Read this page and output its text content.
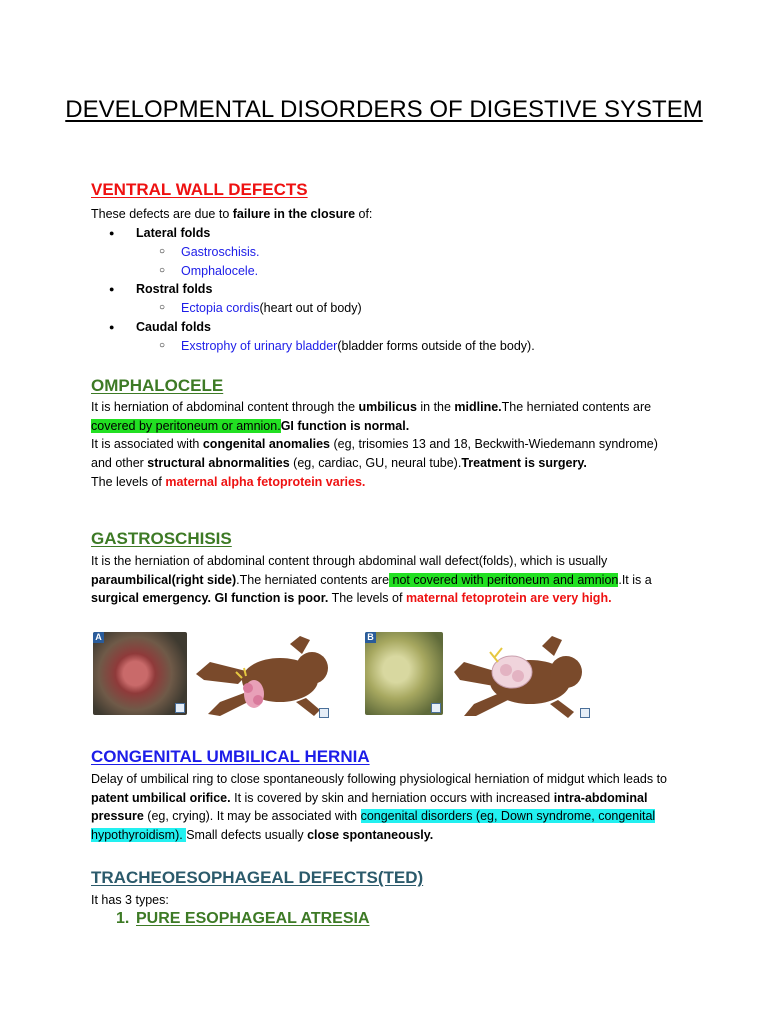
DEVELOPMENTAL DISORDERS OF DIGESTIVE SYSTEM
VENTRAL WALL DEFECTS
These defects are due to failure in the closure of:
● Lateral folds
○ Gastroschisis.
○ Omphalocele.
● Rostral folds
○ Ectopia cordis(heart out of body)
● Caudal folds
○ Exstrophy of urinary bladder(bladder forms outside of the body).
OMPHALOCELE

It is herniation of abdominal content through the umbilicus in the midline.The herniated contents are covered by peritoneum or amnion.GI function is normal.
It is associated with congenital anomalies (eg, trisomies 13 and 18, Beckwith-Wiedemann syndrome) and other structural abnormalities (eg, cardiac, GU, neural tube).Treatment is surgery.
The levels of maternal alpha fetoprotein varies.

GASTROSCHISIS

It is the herniation of abdominal content through abdominal wall defect(folds), which is usually paraumbilical(right side).The herniated contents are not covered with peritoneum and amnion.It is a surgical emergency. GI function is poor. The levels of maternal fetoprotein are very high.

A	B
CONGENITAL UMBILICAL HERNIA

Delay of umbilical ring to close spontaneously following physiological herniation of midgut which leads to patent umbilical orifice. It is covered by skin and herniation occurs with increased intra-abdominal pressure (eg, crying). It may be associated with congenital disorders (eg, Down syndrome, congenital hypothyroidism). Small defects usually close spontaneously.

TRACHEOESOPHAGEAL DEFECTS(TED)
It has 3 types:
1. PURE ESOPHAGEAL ATRESIA
